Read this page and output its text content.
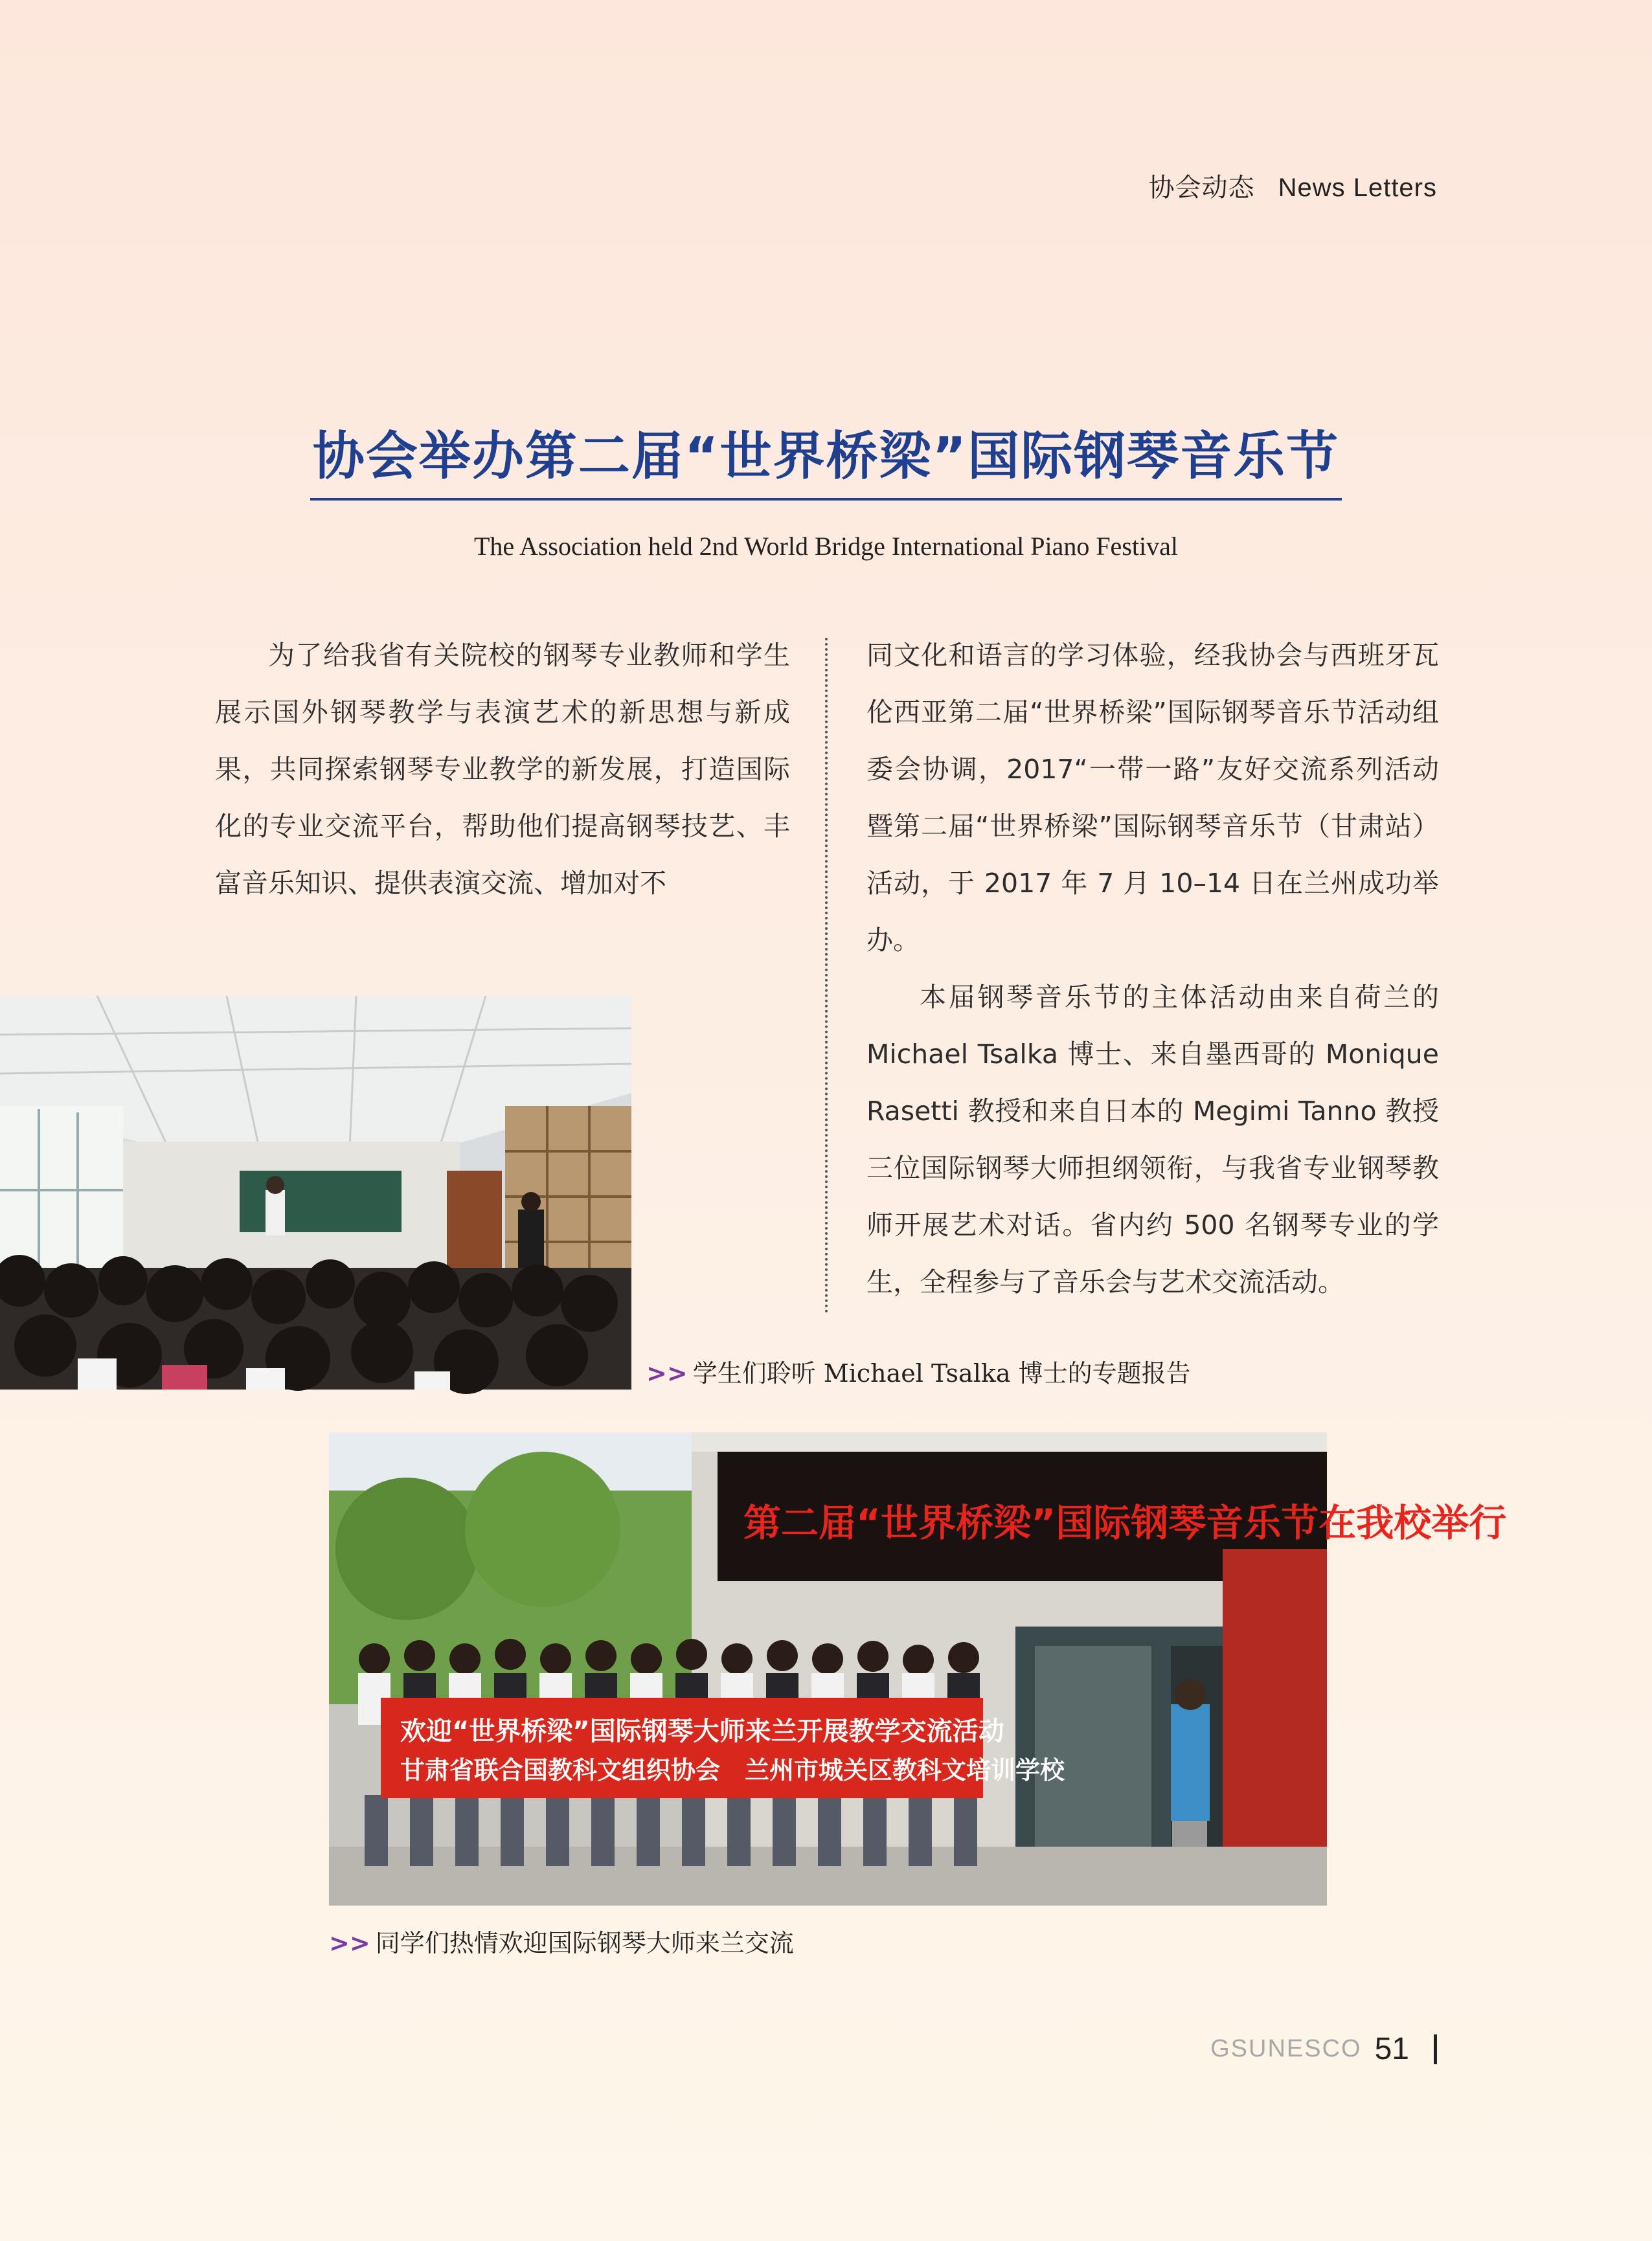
协会动态 News Letters
协会举办第二届“世界桥梁”国际钢琴音乐节
The Association held 2nd World Bridge International Piano Festival

为了给我省有关院校的钢琴专业教师和学生展示国外钢琴教学与表演艺术的新思想与新成果，共同探索钢琴专业教学的新发展，打造国际化的专业交流平台，帮助他们提高钢琴技艺、丰富音乐知识、提供表演交流、增加对不

同文化和语言的学习体验，经我协会与西班牙瓦伦西亚第二届“世界桥梁”国际钢琴音乐节活动组委会协调，2017“一带一路”友好交流系列活动暨第二届“世界桥梁”国际钢琴音乐节（甘肃站）活动，于 2017 年 7 月 10–14 日在兰州成功举办。

本届钢琴音乐节的主体活动由来自荷兰的 Michael Tsalka 博士、来自墨西哥的 Monique Rasetti 教授和来自日本的 Megimi Tanno 教授三位国际钢琴大师担纲领衔，与我省专业钢琴教师开展艺术对话。省内约 500 名钢琴专业的学生，全程参与了音乐会与艺术交流活动。

>> 学生们聆听 Michael Tsalka 博士的专题报告
第二届“世界桥梁”国际钢琴音乐节在我校举行
欢迎“世界桥梁”国际钢琴大师来兰开展教学交流活动
甘肃省联合国教科文组织协会　兰州市城关区教科文培训学校
>> 同学们热情欢迎国际钢琴大师来兰交流
GSUNESCO 51
